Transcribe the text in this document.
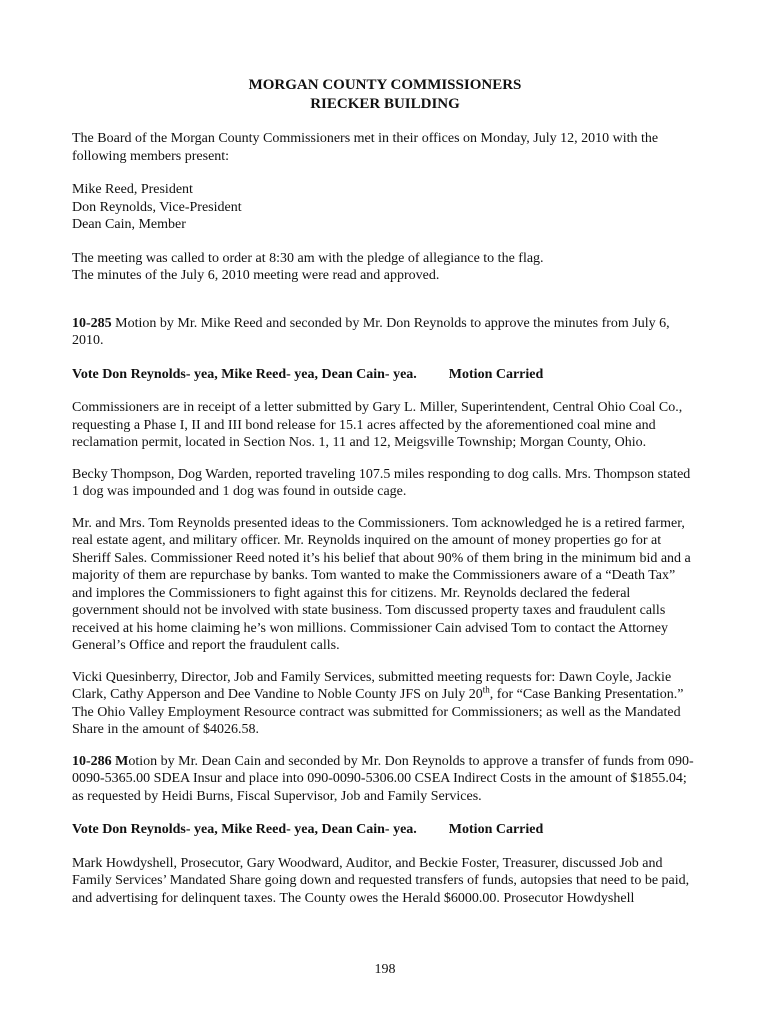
MORGAN COUNTY COMMISSIONERS

RIECKER BUILDING

The Board of the Morgan County Commissioners met in their offices on Monday, July 12, 2010 with the following members present:

Mike Reed, President

Don Reynolds, Vice-President

Dean Cain, Member

The meeting was called to order at 8:30 am with the pledge of allegiance to the flag.

The minutes of the July 6, 2010 meeting were read and approved.

10-285 Motion by Mr. Mike Reed and seconded by Mr. Don Reynolds to approve the minutes from July 6, 2010.

Vote Don Reynolds- yea, Mike Reed- yea, Dean Cain- yea. Motion Carried

Commissioners are in receipt of a letter submitted by Gary L. Miller, Superintendent, Central Ohio Coal Co., requesting a Phase I, II and III bond release for 15.1 acres affected by the aforementioned coal mine and reclamation permit, located in Section Nos. 1, 11 and 12, Meigsville Township; Morgan County, Ohio.

Becky Thompson, Dog Warden, reported traveling 107.5 miles responding to dog calls. Mrs. Thompson stated 1 dog was impounded and 1 dog was found in outside cage.

Mr. and Mrs. Tom Reynolds presented ideas to the Commissioners. Tom acknowledged he is a retired farmer, real estate agent, and military officer. Mr. Reynolds inquired on the amount of money properties go for at Sheriff Sales. Commissioner Reed noted it’s his belief that about 90% of them bring in the minimum bid and a majority of them are repurchase by banks. Tom wanted to make the Commissioners aware of a “Death Tax” and implores the Commissioners to fight against this for citizens. Mr. Reynolds declared the federal government should not be involved with state business. Tom discussed property taxes and fraudulent calls received at his home claiming he’s won millions. Commissioner Cain advised Tom to contact the Attorney General’s Office and report the fraudulent calls.

Vicki Quesinberry, Director, Job and Family Services, submitted meeting requests for: Dawn Coyle, Jackie Clark, Cathy Apperson and Dee Vandine to Noble County JFS on July 20th, for “Case Banking Presentation.” The Ohio Valley Employment Resource contract was submitted for Commissioners; as well as the Mandated Share in the amount of $4026.58.

10-286 Motion by Mr. Dean Cain and seconded by Mr. Don Reynolds to approve a transfer of funds from 090-0090-5365.00 SDEA Insur and place into 090-0090-5306.00 CSEA Indirect Costs in the amount of $1855.04; as requested by Heidi Burns, Fiscal Supervisor, Job and Family Services.

Vote Don Reynolds- yea, Mike Reed- yea, Dean Cain- yea. Motion Carried

Mark Howdyshell, Prosecutor, Gary Woodward, Auditor, and Beckie Foster, Treasurer, discussed Job and Family Services’ Mandated Share going down and requested transfers of funds, autopsies that need to be paid, and advertising for delinquent taxes. The County owes the Herald $6000.00. Prosecutor Howdyshell

198
